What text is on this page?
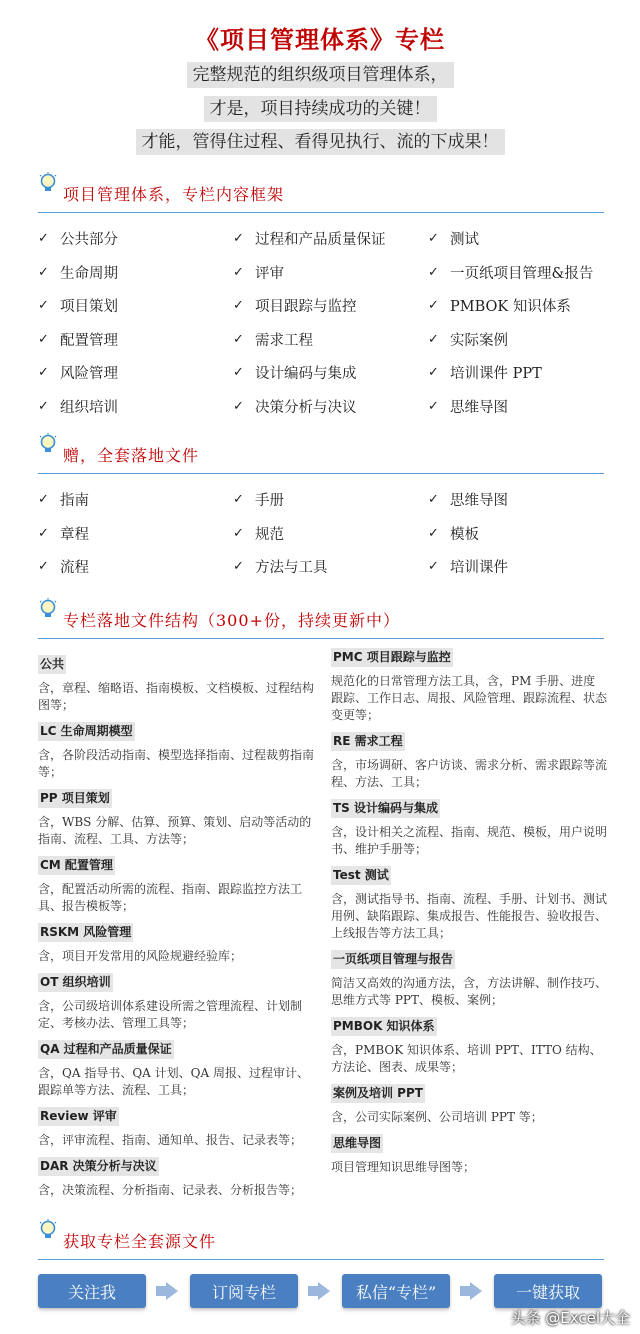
《项目管理体系》专栏
完整规范的组织级项目管理体系，
才是，项目持续成功的关键！
才能，管得住过程、看得见执行、流的下成果！
项目管理体系，专栏内容框架
✓ 公共部分	✓ 过程和产品质量保证	✓ 测试
✓ 生命周期	✓ 评审	✓ 一页纸项目管理&报告
✓ 项目策划	✓ 项目跟踪与监控	✓ PMBOK 知识体系
✓ 配置管理	✓ 需求工程	✓ 实际案例
✓ 风险管理	✓ 设计编码与集成	✓ 培训课件 PPT
✓ 组织培训	✓ 决策分析与决议	✓ 思维导图
赠，全套落地文件
✓ 指南	✓ 手册	✓ 思维导图
✓ 章程	✓ 规范	✓ 模板
✓ 流程	✓ 方法与工具	✓ 培训课件
专栏落地文件结构（300+份，持续更新中）
公共
含，章程、缩略语、指南模板、文档模板、过程结构图等；
LC 生命周期模型
含，各阶段活动指南、模型选择指南、过程裁剪指南等；
PP 项目策划
含，WBS 分解、估算、预算、策划、启动等活动的指南、流程、工具、方法等；
CM 配置管理
含，配置活动所需的流程、指南、跟踪监控方法工具、报告模板等；
RSKM 风险管理
含，项目开发常用的风险规避经验库；
OT 组织培训
含，公司级培训体系建设所需之管理流程、计划制定、考核办法、管理工具等；
QA 过程和产品质量保证
含，QA 指导书、QA 计划、QA 周报、过程审计、跟踪单等方法、流程、工具；
Review 评审
含，评审流程、指南、通知单、报告、记录表等；
DAR 决策分析与决议
含，决策流程、分析指南、记录表、分析报告等；
PMC 项目跟踪与监控
规范化的日常管理方法工具，含，PM 手册、进度跟踪、工作日志、周报、风险管理、跟踪流程、状态变更等；
RE 需求工程
含，市场调研、客户访谈、需求分析、需求跟踪等流程、方法、工具；
TS 设计编码与集成
含，设计相关之流程、指南、规范、模板，用户说明书、维护手册等；
Test 测试
含，测试指导书、指南、流程、手册、计划书、测试用例、缺陷跟踪、集成报告、性能报告、验收报告、上线报告等方法工具；
一页纸项目管理与报告
简洁又高效的沟通方法，含，方法讲解、制作技巧、思维方式等 PPT、模板、案例；
PMBOK 知识体系
含，PMBOK 知识体系、培训 PPT、ITTO 结构、方法论、图表、成果等；
案例及培训 PPT
含，公司实际案例、公司培训 PPT 等；
思维导图
项目管理知识思维导图等；
获取专栏全套源文件
关注我	订阅专栏	私信“专栏”	一键获取
头条 @Excel大全
